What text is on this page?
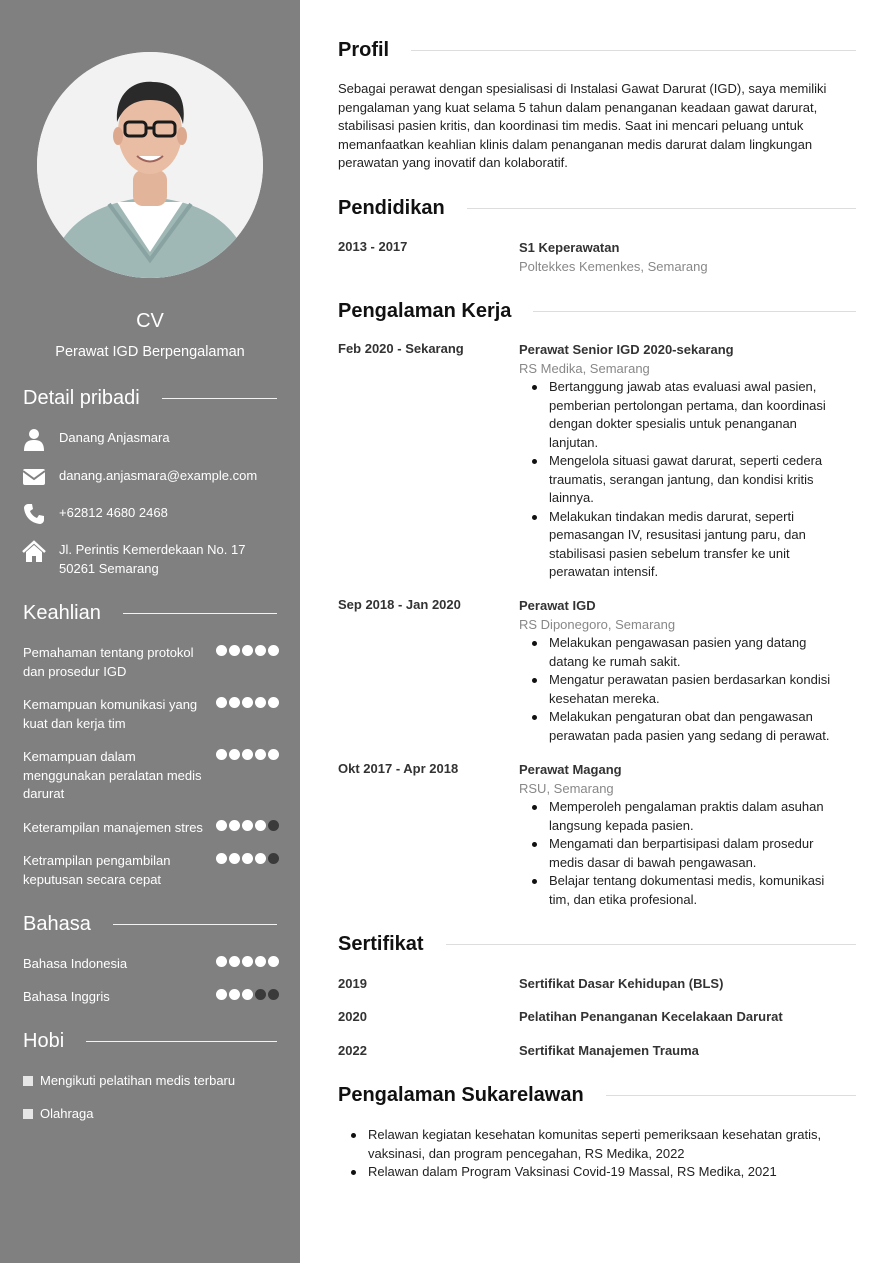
CV
Perawat IGD Berpengalaman
Detail pribadi
Danang Anjasmara
danang.anjasmara@example.com
+62812 4680 2468
Jl. Perintis Kemerdekaan No. 17
50261 Semarang
Keahlian
Pemahaman tentang protokol
dan prosedur IGD
Kemampuan komunikasi yang
kuat dan kerja tim
Kemampuan dalam
menggunakan peralatan medis
darurat
Keterampilan manajemen stres
Ketrampilan pengambilan
keputusan secara cepat
Bahasa
Bahasa Indonesia
Bahasa Inggris
Hobi
Mengikuti pelatihan medis terbaru
Olahraga
Profil
Sebagai perawat dengan spesialisasi di Instalasi Gawat Darurat (IGD), saya memiliki
pengalaman yang kuat selama 5 tahun dalam penanganan keadaan gawat darurat,
stabilisasi pasien kritis, dan koordinasi tim medis. Saat ini mencari peluang untuk
memanfaatkan keahlian klinis dalam penanganan medis darurat dalam lingkungan
perawatan yang inovatif dan kolaboratif.
Pendidikan
2013 - 2017	S1 Keperawatan
Poltekkes Kemenkes, Semarang
Pengalaman Kerja
Feb 2020 - Sekarang	Perawat Senior IGD 2020-sekarang
RS Medika, Semarang
Bertanggung jawab atas evaluasi awal pasien,
pemberian pertolongan pertama, dan koordinasi
dengan dokter spesialis untuk penanganan
lanjutan.
Mengelola situasi gawat darurat, seperti cedera
traumatis, serangan jantung, dan kondisi kritis
lainnya.
Melakukan tindakan medis darurat, seperti
pemasangan IV, resusitasi jantung paru, dan
stabilisasi pasien sebelum transfer ke unit
perawatan intensif.
Sep 2018 - Jan 2020	Perawat IGD
RS Diponegoro, Semarang
Melakukan pengawasan pasien yang datang
datang ke rumah sakit.
Mengatur perawatan pasien berdasarkan kondisi
kesehatan mereka.
Melakukan pengaturan obat dan pengawasan
perawatan pada pasien yang sedang di perawat.
Okt 2017 - Apr 2018	Perawat Magang
RSU, Semarang
Memperoleh pengalaman praktis dalam asuhan
langsung kepada pasien.
Mengamati dan berpartisipasi dalam prosedur
medis dasar di bawah pengawasan.
Belajar tentang dokumentasi medis, komunikasi
tim, dan etika profesional.
Sertifikat
2019	Sertifikat Dasar Kehidupan (BLS)
2020	Pelatihan Penanganan Kecelakaan Darurat
2022	Sertifikat Manajemen Trauma
Pengalaman Sukarelawan
Relawan kegiatan kesehatan komunitas seperti pemeriksaan kesehatan gratis,
vaksinasi, dan program pencegahan, RS Medika, 2022
Relawan dalam Program Vaksinasi Covid-19 Massal, RS Medika, 2021
